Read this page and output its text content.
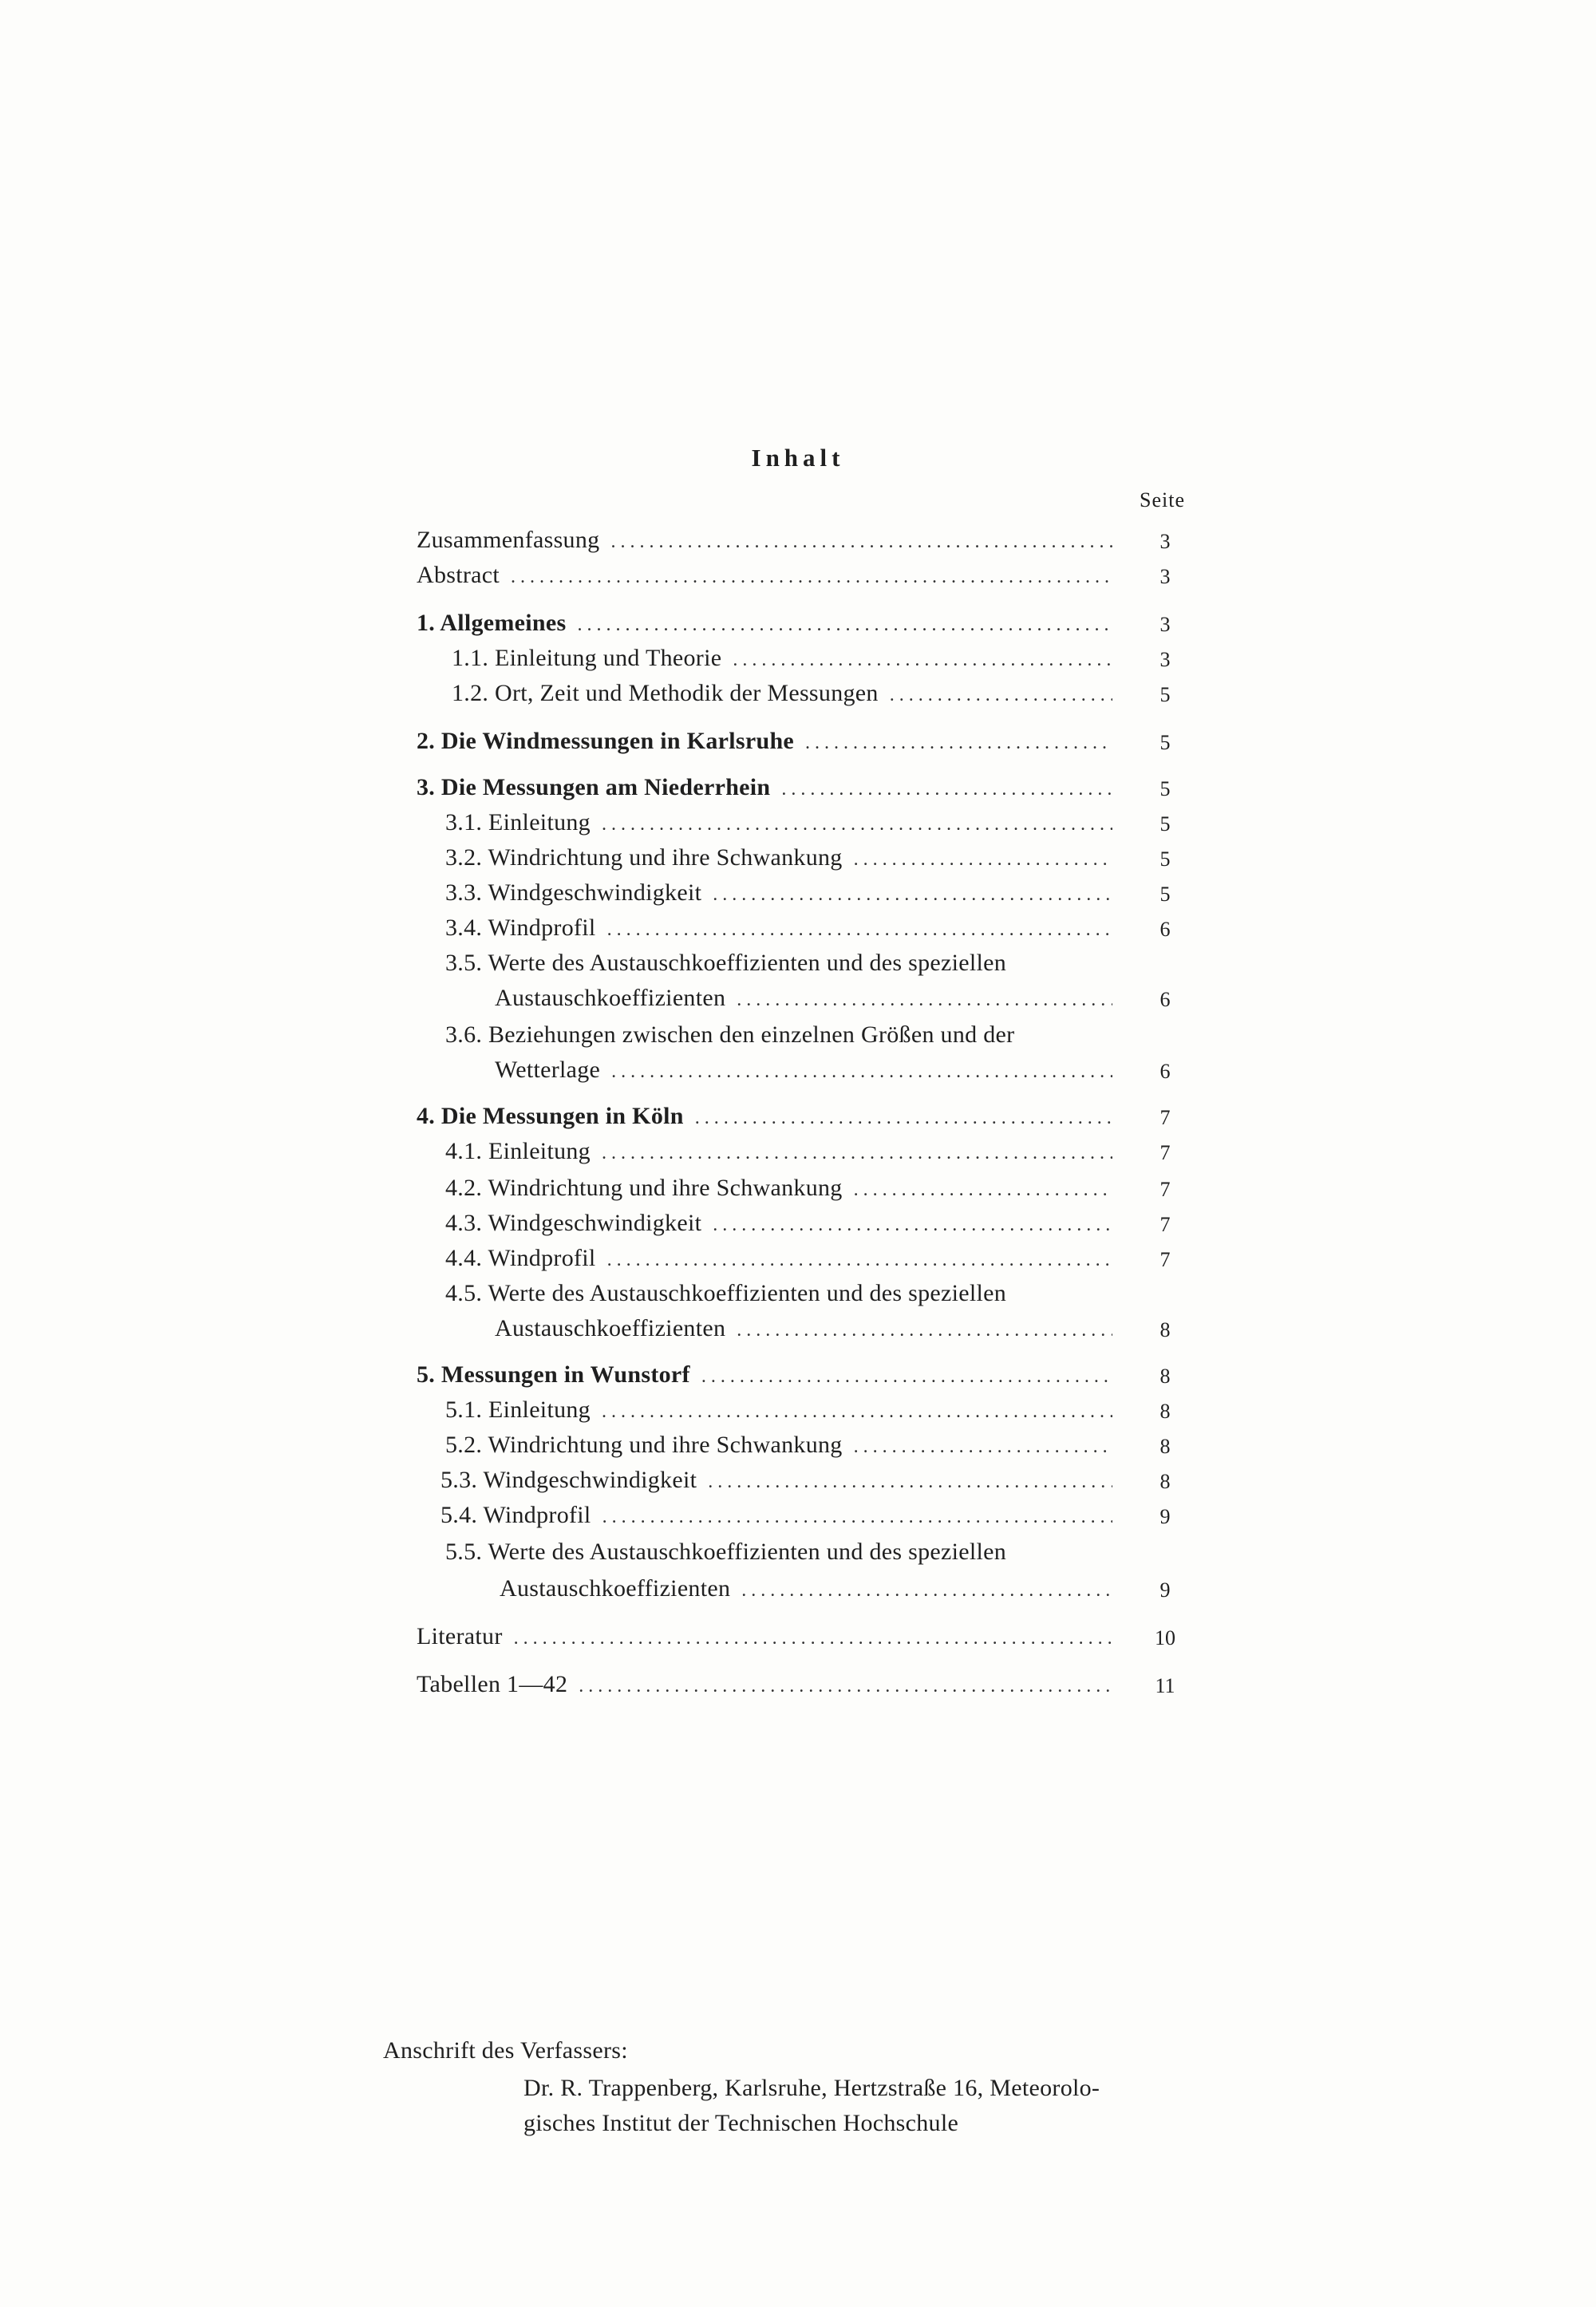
Inhalt
Seite
Zusammenfassung .....	3
Abstract .....	3
1. Allgemeines .....	3
1.1. Einleitung und Theorie .....	3
1.2. Ort, Zeit und Methodik der Messungen .....	5
2. Die Windmessungen in Karlsruhe .....	5
3. Die Messungen am Niederrhein .....	5
3.1. Einleitung .....	5
3.2. Windrichtung und ihre Schwankung .....	5
3.3. Windgeschwindigkeit .....	5
3.4. Windprofil .....	6
3.5. Werte des Austauschkoeffizienten und des speziellen
Austauschkoeffizienten .....	6
3.6. Beziehungen zwischen den einzelnen Größen und der
Wetterlage .....	6
4. Die Messungen in Köln .....	7
4.1. Einleitung .....	7
4.2. Windrichtung und ihre Schwankung .....	7
4.3. Windgeschwindigkeit .....	7
4.4. Windprofil .....	7
4.5. Werte des Austauschkoeffizienten und des speziellen
Austauschkoeffizienten .....	8
5. Messungen in Wunstorf .....	8
5.1. Einleitung .....	8
5.2. Windrichtung und ihre Schwankung .....	8
5.3. Windgeschwindigkeit .....	8
5.4. Windprofil .....	9
5.5. Werte des Austauschkoeffizienten und des speziellen
Austauschkoeffizienten .....	9
Literatur .....	10
Tabellen 1—42 .....	11
Anschrift des Verfassers:
Dr. R. Trappenberg, Karlsruhe, Hertzstraße 16, Meteorolo-
gisches Institut der Technischen Hochschule
